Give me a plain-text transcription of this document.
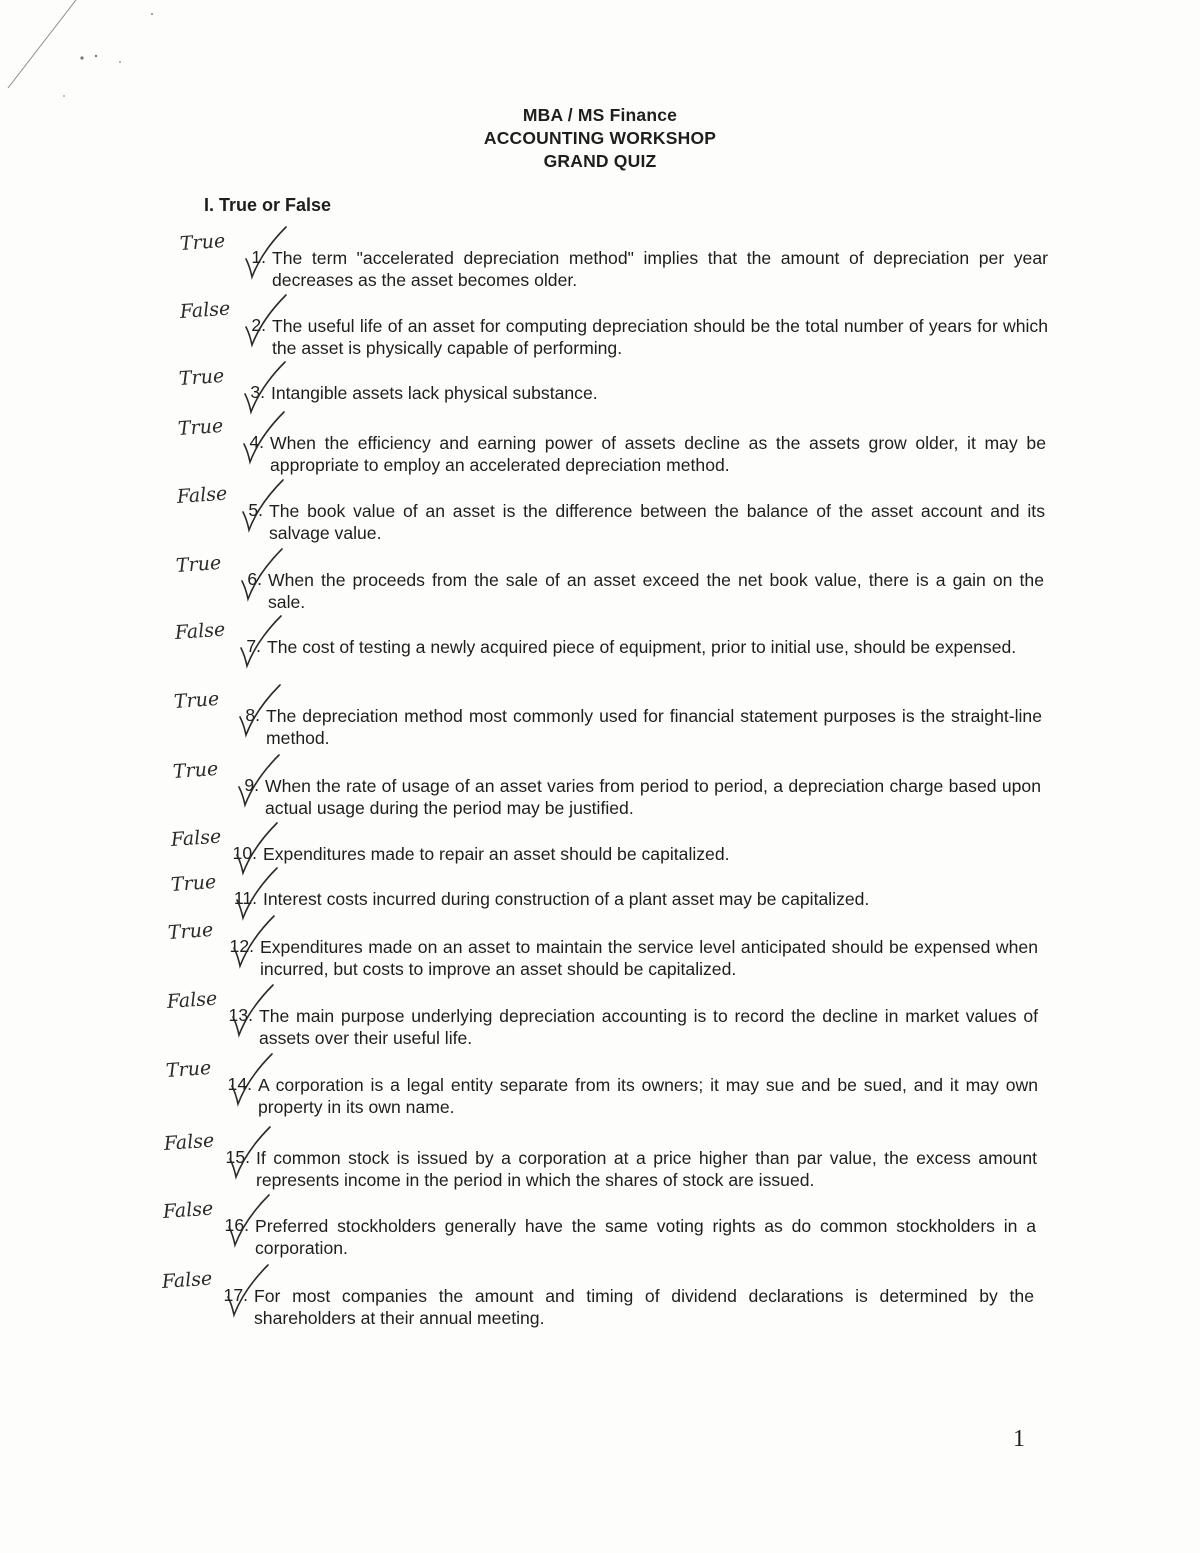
MBA / MS Finance
ACCOUNTING WORKSHOP
GRAND QUIZ
I. True or False
True
1. The term "accelerated depreciation method" implies that the amount of depreciation per year decreases as the asset becomes older.
False
2. The useful life of an asset for computing depreciation should be the total number of years for which the asset is physically capable of performing.
True
3. Intangible assets lack physical substance.
True
4. When the efficiency and earning power of assets decline as the assets grow older, it may be appropriate to employ an accelerated depreciation method.
False
5. The book value of an asset is the difference between the balance of the asset account and its salvage value.
True
6. When the proceeds from the sale of an asset exceed the net book value, there is a gain on the sale.
False
7. The cost of testing a newly acquired piece of equipment, prior to initial use, should be expensed.
True
8. The depreciation method most commonly used for financial statement purposes is the straight-line method.
True
9. When the rate of usage of an asset varies from period to period, a depreciation charge based upon actual usage during the period may be justified.
False
10. Expenditures made to repair an asset should be capitalized.
True
11. Interest costs incurred during construction of a plant asset may be capitalized.
True
12. Expenditures made on an asset to maintain the service level anticipated should be expensed when incurred, but costs to improve an asset should be capitalized.
False
13. The main purpose underlying depreciation accounting is to record the decline in market values of assets over their useful life.
True
14. A corporation is a legal entity separate from its owners; it may sue and be sued, and it may own property in its own name.
False
15. If common stock is issued by a corporation at a price higher than par value, the excess amount represents income in the period in which the shares of stock are issued.
False
16. Preferred stockholders generally have the same voting rights as do common stockholders in a corporation.
False
17. For most companies the amount and timing of dividend declarations is determined by the shareholders at their annual meeting.
1
